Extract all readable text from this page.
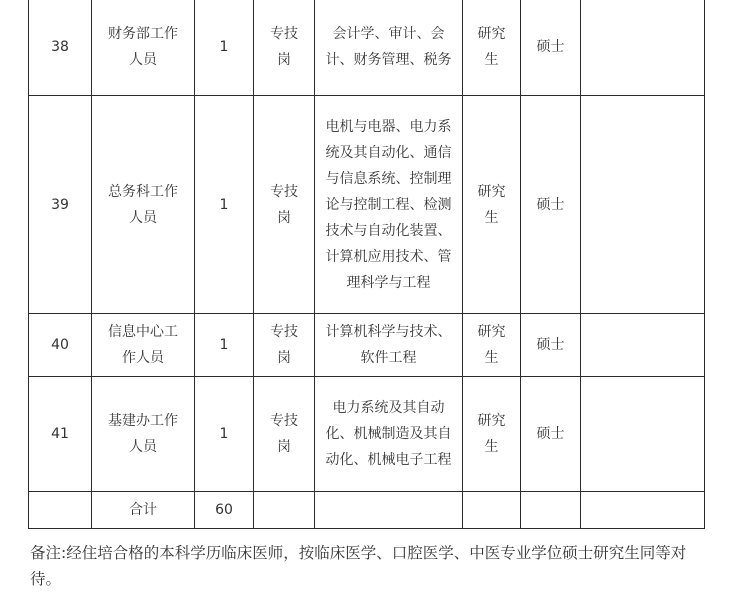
38	财务部工作人员	1	专技岗	会计学、审计、会计、财务管理、税务	研究生	硕士	
39	总务科工作人员	1	专技岗	电机与电器、电力系统及其自动化、通信与信息系统、控制理论与控制工程、检测技术与自动化装置、计算机应用技术、管理科学与工程	研究生	硕士	
40	信息中心工作人员	1	专技岗	计算机科学与技术、软件工程	研究生	硕士	
41	基建办工作人员	1	专技岗	电力系统及其自动化、机械制造及其自动化、机械电子工程	研究生	硕士	
	合计	60					

备注:经住培合格的本科学历临床医师，按临床医学、口腔医学、中医专业学位硕士研究生同等对待。
